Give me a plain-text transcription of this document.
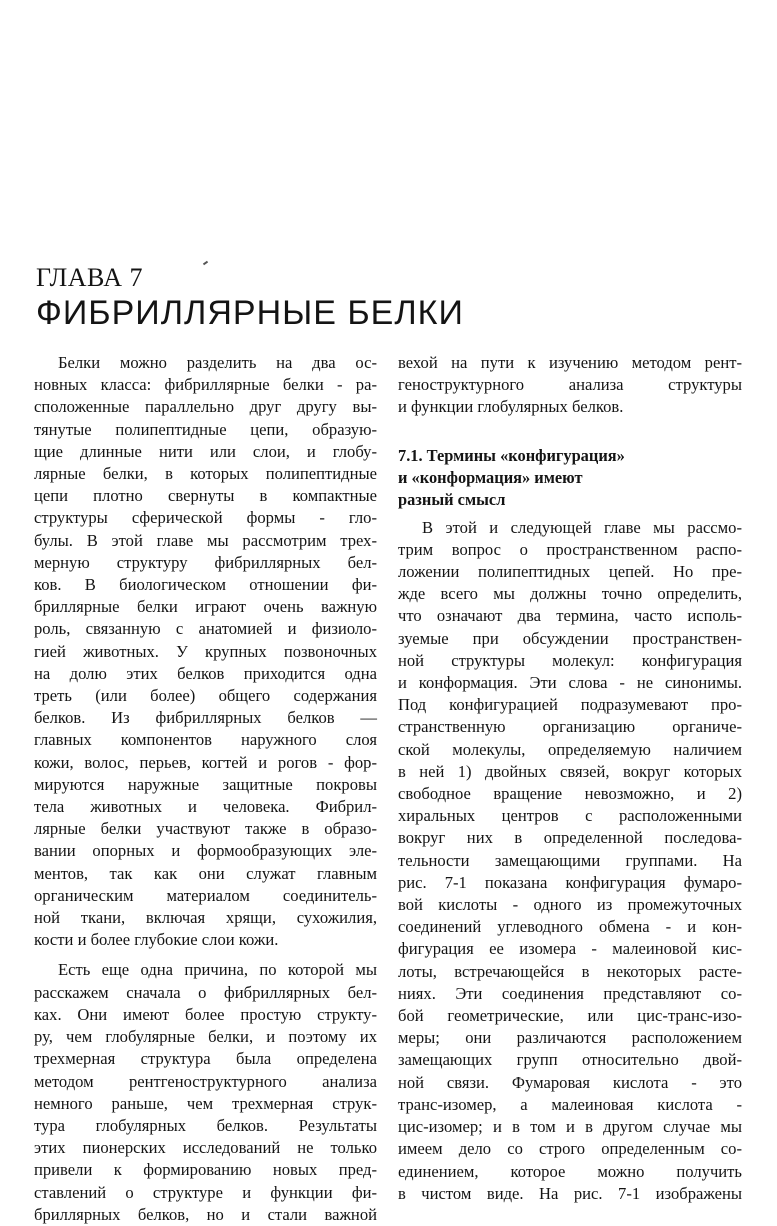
ГЛАВА 7
ФИБРИЛЛЯРНЫЕ БЕЛКИ
Белки можно разделить на два ос-
новных класса: фибриллярные белки - ра-
сположенные параллельно друг другу вы-
тянутые полипептидные цепи, образую-
щие длинные нити или слои, и глобу-
лярные белки, в которых полипептидные
цепи плотно свернуты в компактные
структуры сферической формы - гло-
булы. В этой главе мы рассмотрим трех-
мерную структуру фибриллярных бел-
ков. В биологическом отношении фи-
бриллярные белки играют очень важную
роль, связанную с анатомией и физиоло-
гией животных. У крупных позвоночных
на долю этих белков приходится одна
треть (или более) общего содержания
белков. Из фибриллярных белков —
главных компонентов наружного слоя
кожи, волос, перьев, когтей и рогов - фор-
мируются наружные защитные покровы
тела животных и человека. Фибрил-
лярные белки участвуют также в образо-
вании опорных и формообразующих эле-
ментов, так как они служат главным
органическим материалом соединитель-
ной ткани, включая хрящи, сухожилия,
кости и более глубокие слои кожи.
Есть еще одна причина, по которой мы
расскажем сначала о фибриллярных бел-
ках. Они имеют более простую структу-
ру, чем глобулярные белки, и поэтому их
трехмерная структура была определена
методом рентгеноструктурного анализа
немного раньше, чем трехмерная струк-
тура глобулярных белков. Результаты
этих пионерских исследований не только
привели к формированию новых пред-
ставлений о структуре и функции фи-
бриллярных белков, но и стали важной
вехой на пути к изучению методом рент-
геноструктурного анализа структуры
и функции глобулярных белков.
7.1. Термины «конфигурация»
и «конформация» имеют
разный смысл
В этой и следующей главе мы рассмо-
трим вопрос о пространственном распо-
ложении полипептидных цепей. Но пре-
жде всего мы должны точно определить,
что означают два термина, часто исполь-
зуемые при обсуждении пространствен-
ной структуры молекул: конфигурация
и конформация. Эти слова - не синонимы.
Под конфигурацией подразумевают про-
странственную организацию органиче-
ской молекулы, определяемую наличием
в ней 1) двойных связей, вокруг которых
свободное вращение невозможно, и 2)
хиральных центров с расположенными
вокруг них в определенной последова-
тельности замещающими группами. На
рис. 7-1 показана конфигурация фумаро-
вой кислоты - одного из промежуточных
соединений углеводного обмена - и кон-
фигурация ее изомера - малеиновой кис-
лоты, встречающейся в некоторых расте-
ниях. Эти соединения представляют со-
бой геометрические, или цис-транс-изо-
меры; они различаются расположением
замещающих групп относительно двой-
ной связи. Фумаровая кислота - это
транс-изомер, а малеиновая кислота -
цис-изомер; и в том и в другом случае мы
имеем дело со строго определенным со-
единением, которое можно получить
в чистом виде. На рис. 7-1 изображены
